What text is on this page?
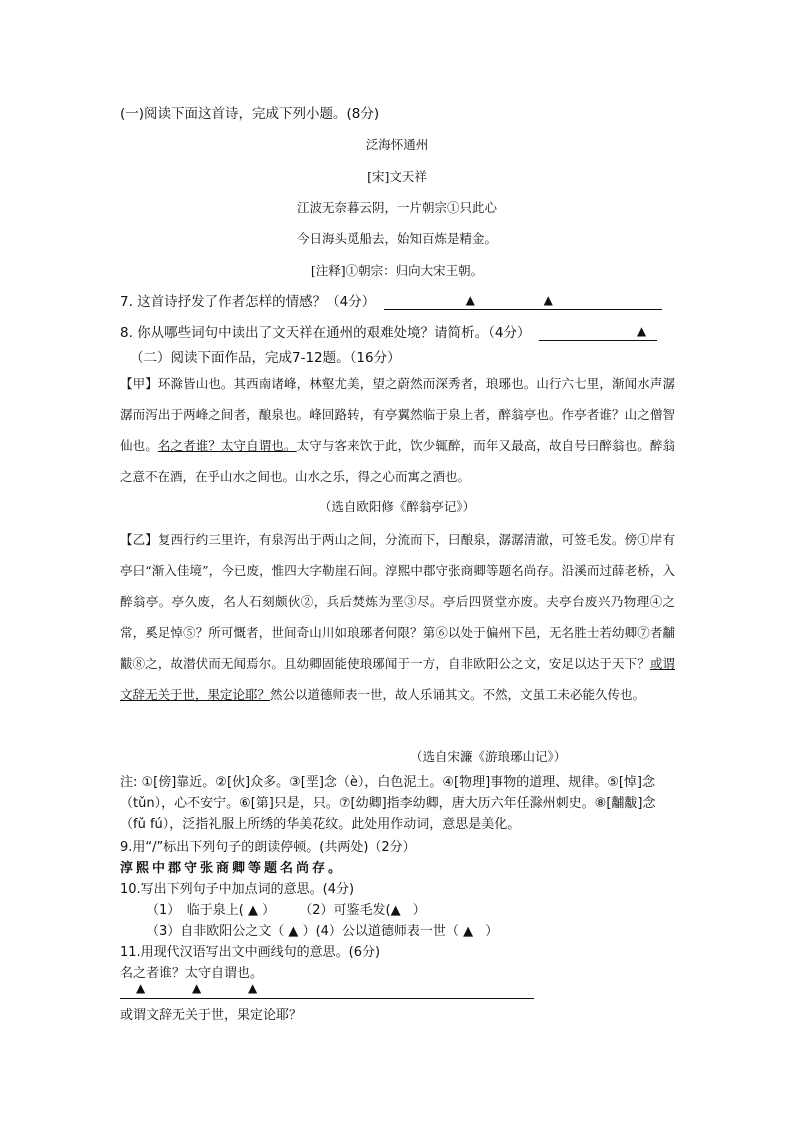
(一)阅读下面这首诗，完成下列小题。(8分)
泛海怀通州
[宋]文天祥
江波无奈暮云阴，一片朝宗①只此心
今日海头觅船去，始知百炼是精金。
[注释]①朝宗：归向大宋王朝。
7. 这首诗抒发了作者怎样的情感？（4分）	▲	▲
8. 你从哪些词句中读出了文天祥在通州的艰难处境？请简析。（4分）	▲
（二）阅读下面作品，完成7-12题。（16分）
【甲】环滁皆山也。其西南诸峰，林壑尤美，望之蔚然而深秀者，琅琊也。山行六七里，渐闻水声潺潺而泻出于两峰之间者，酿泉也。峰回路转，有亭翼然临于泉上者，醉翁亭也。作亭者谁？山之僧智仙也。名之者谁？太守自谓也。太守与客来饮于此，饮少辄醉，而年又最高，故自号曰醉翁也。醉翁之意不在酒，在乎山水之间也。山水之乐，得之心而寓之酒也。
（选自欧阳修《醉翁亭记》）
【乙】复西行约三里许，有泉泻出于两山之间，分流而下，曰酿泉，潺潺清澈，可签毛发。傍①岸有亭曰“渐入佳境”，今已废，惟四大字勒崖石间。淳熙中郡守张商卿等题名尚存。沿溪而过薛老桥，入醉翁亭。亭久废，名人石刻颇伙②，兵后焚炼为垩③尽。亭后四贤堂亦废。夫亭台废兴乃物理④之常，奚足悼⑤？所可慨者，世间奇山川如琅琊者何限？第⑥以处于偏州下邑，无名胜士若幼卿⑦者黼黻⑧之，故潜伏而无闻焉尔。且幼卿固能使琅琊闻于一方，自非欧阳公之文，安足以达于天下？或谓文辞无关于世，果定论耶？然公以道德师表一世，故人乐诵其文。不然，文虽工未必能久传也。
（选自宋濂《游琅琊山记》）
注: ①[傍]靠近。②[伙]众多。③[垩]念（è），白色泥土。④[物理]事物的道理、规律。⑤[悼]念（tǔn），心不安宁。⑥[第]只是，只。⑦[幼卿]指李幼卿，唐大历六年任滁州刺史。⑧[黼黻]念（fǔ fú），泛指礼服上所绣的华美花纹。此处用作动词，意思是美化。
9.用“/”标出下列句子的朗读停顿。(共两处)（2分）
淳熙中郡守张商卿等题名尚存。
10.写出下列句子中加点词的意思。(4分)
（1）　临于泉上( ▲ ） （2）可鉴毛发(▲ ）
（3）自非欧阳公之文（ ▲ ）(4）公以道德师表一世（ ▲ ）
11.用现代汉语写出文中画线句的意思。(6分)
名之者谁？太守自谓也。
▲	▲	▲
或谓文辞无关于世，果定论耶？
